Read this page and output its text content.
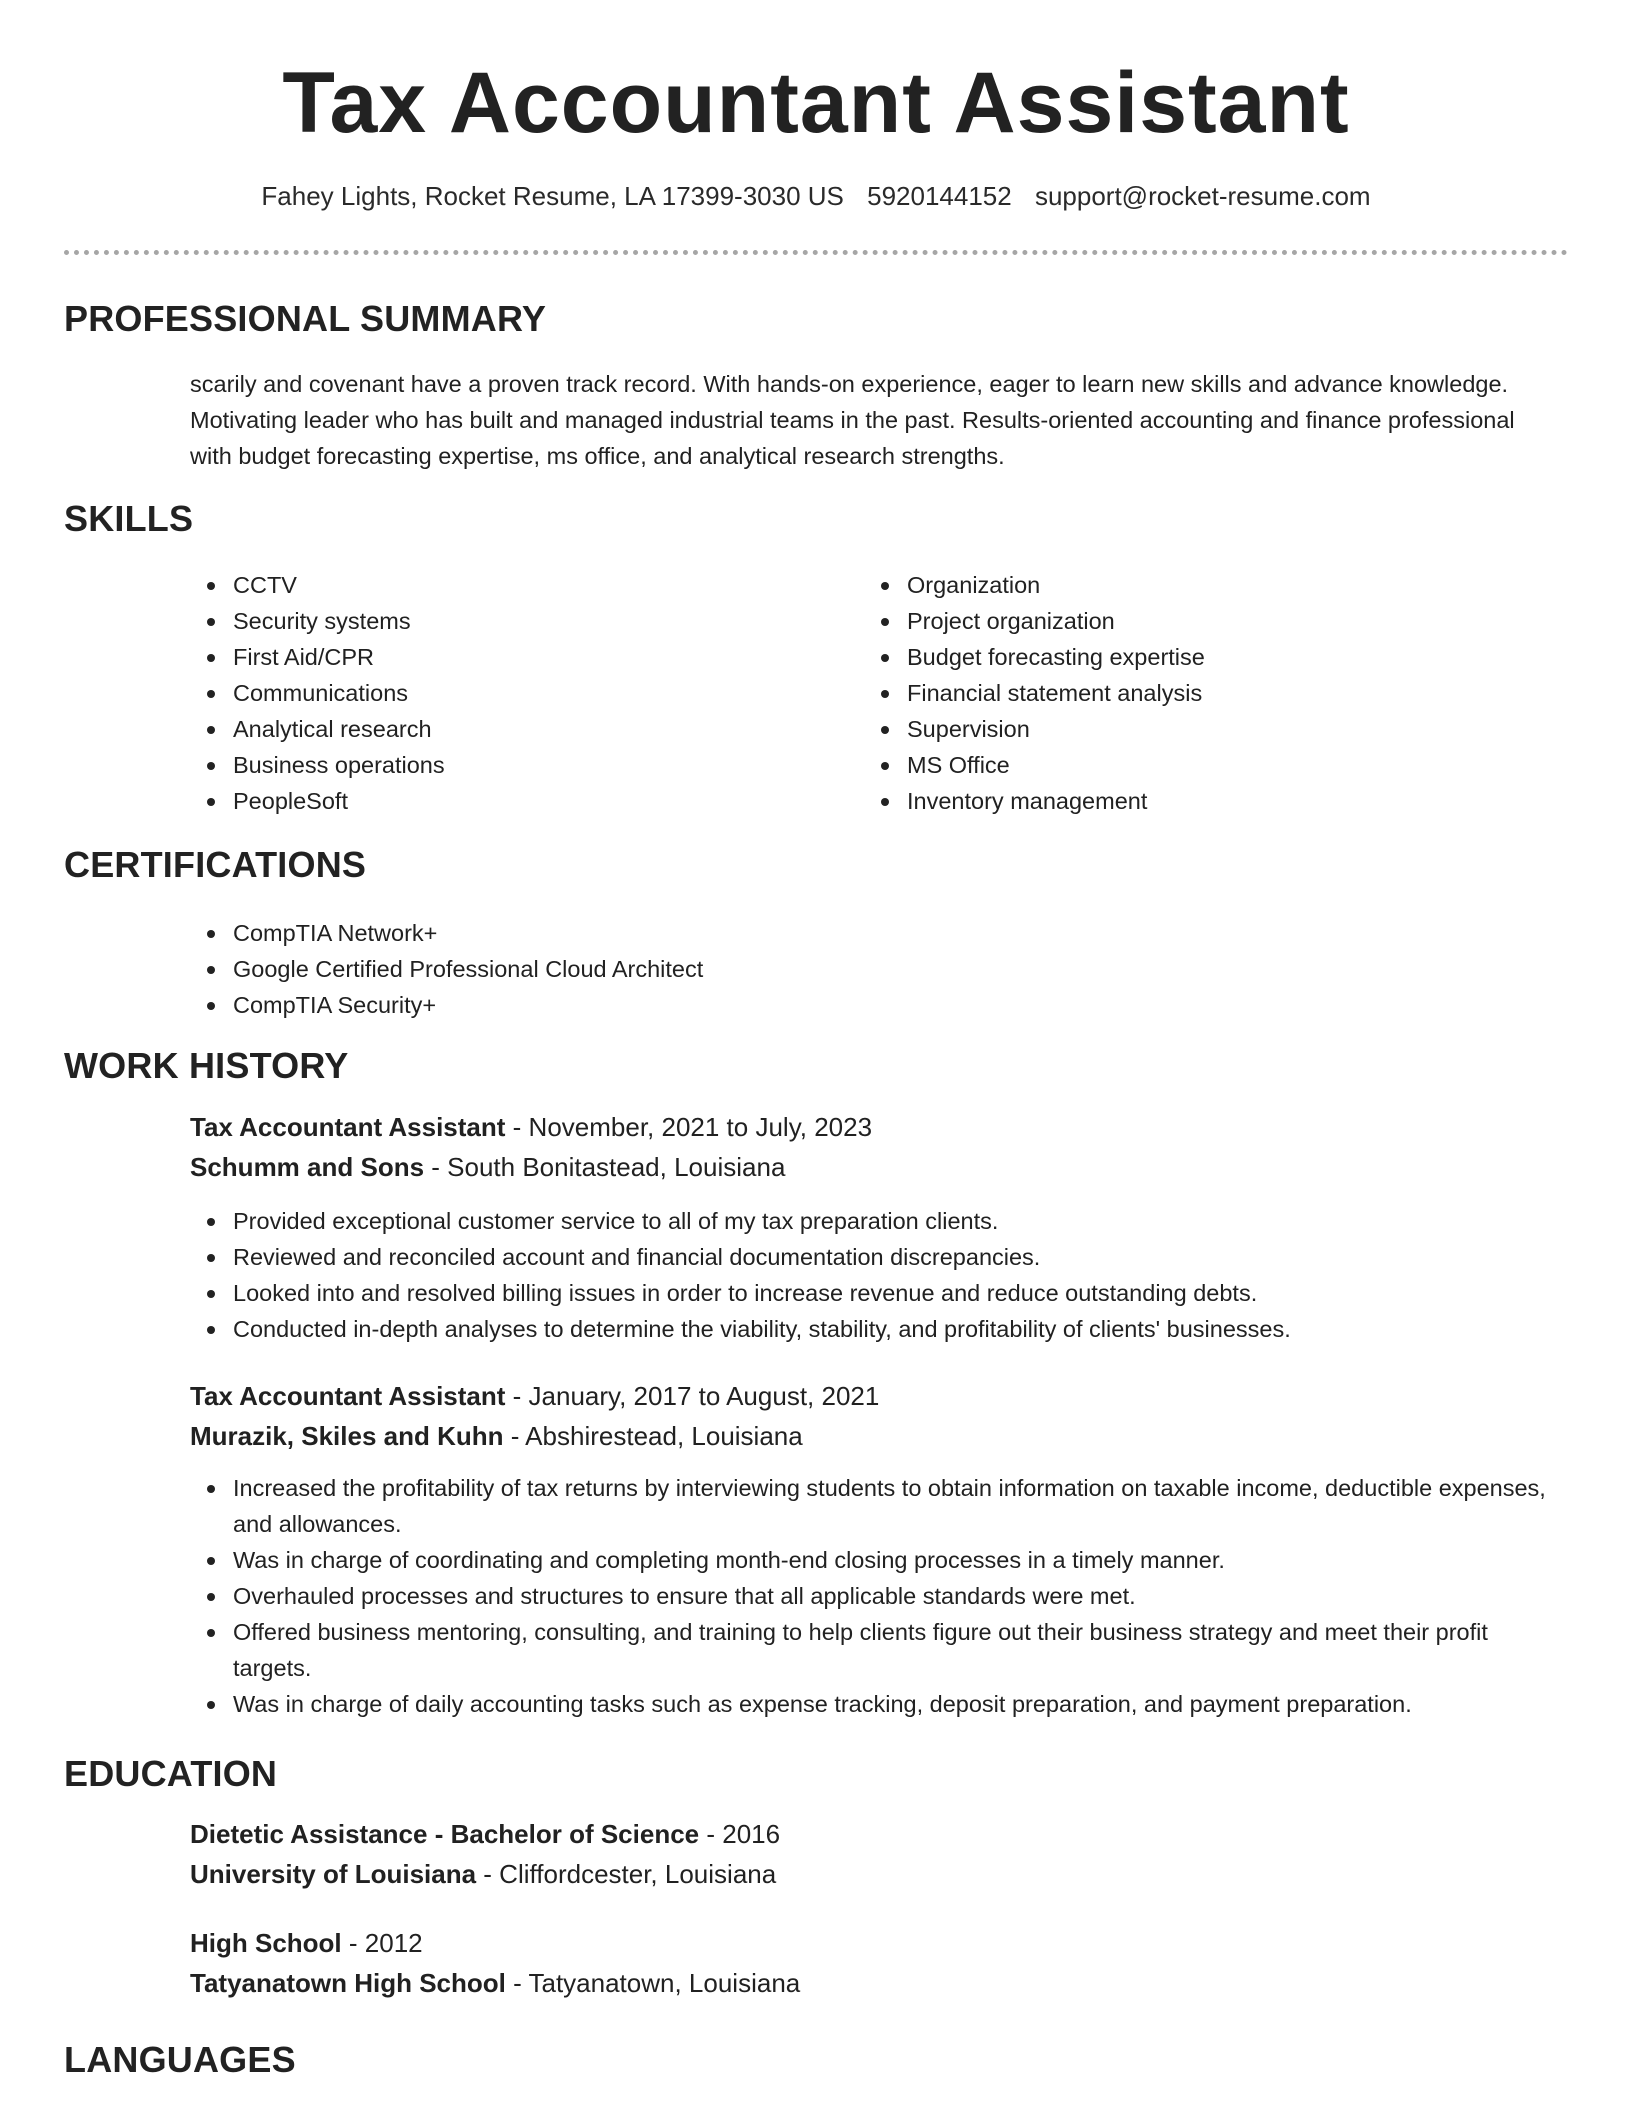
Tax Accountant Assistant
Fahey Lights, Rocket Resume, LA 17399-3030 US 5920144152 support@rocket-resume.com
PROFESSIONAL SUMMARY

scarily and covenant have a proven track record. With hands-on experience, eager to learn new skills and advance knowledge. Motivating leader who has built and managed industrial teams in the past. Results-oriented accounting and finance professional with budget forecasting expertise, ms office, and analytical research strengths.

SKILLS
CCTV
Security systems
First Aid/CPR
Communications
Analytical research
Business operations
PeopleSoft
Organization
Project organization
Budget forecasting expertise
Financial statement analysis
Supervision
MS Office
Inventory management
CERTIFICATIONS
CompTIA Network+
Google Certified Professional Cloud Architect
CompTIA Security+
WORK HISTORY
Tax Accountant Assistant - November, 2021 to July, 2023
Schumm and Sons - South Bonitastead, Louisiana
Provided exceptional customer service to all of my tax preparation clients.
Reviewed and reconciled account and financial documentation discrepancies.
Looked into and resolved billing issues in order to increase revenue and reduce outstanding debts.
Conducted in-depth analyses to determine the viability, stability, and profitability of clients' businesses.
Tax Accountant Assistant - January, 2017 to August, 2021
Murazik, Skiles and Kuhn - Abshirestead, Louisiana
Increased the profitability of tax returns by interviewing students to obtain information on taxable income, deductible expenses, and allowances.
Was in charge of coordinating and completing month-end closing processes in a timely manner.
Overhauled processes and structures to ensure that all applicable standards were met.
Offered business mentoring, consulting, and training to help clients figure out their business strategy and meet their profit targets.
Was in charge of daily accounting tasks such as expense tracking, deposit preparation, and payment preparation.
EDUCATION
Dietetic Assistance - Bachelor of Science - 2016
University of Louisiana - Cliffordcester, Louisiana
High School - 2012
Tatyanatown High School - Tatyanatown, Louisiana
LANGUAGES
